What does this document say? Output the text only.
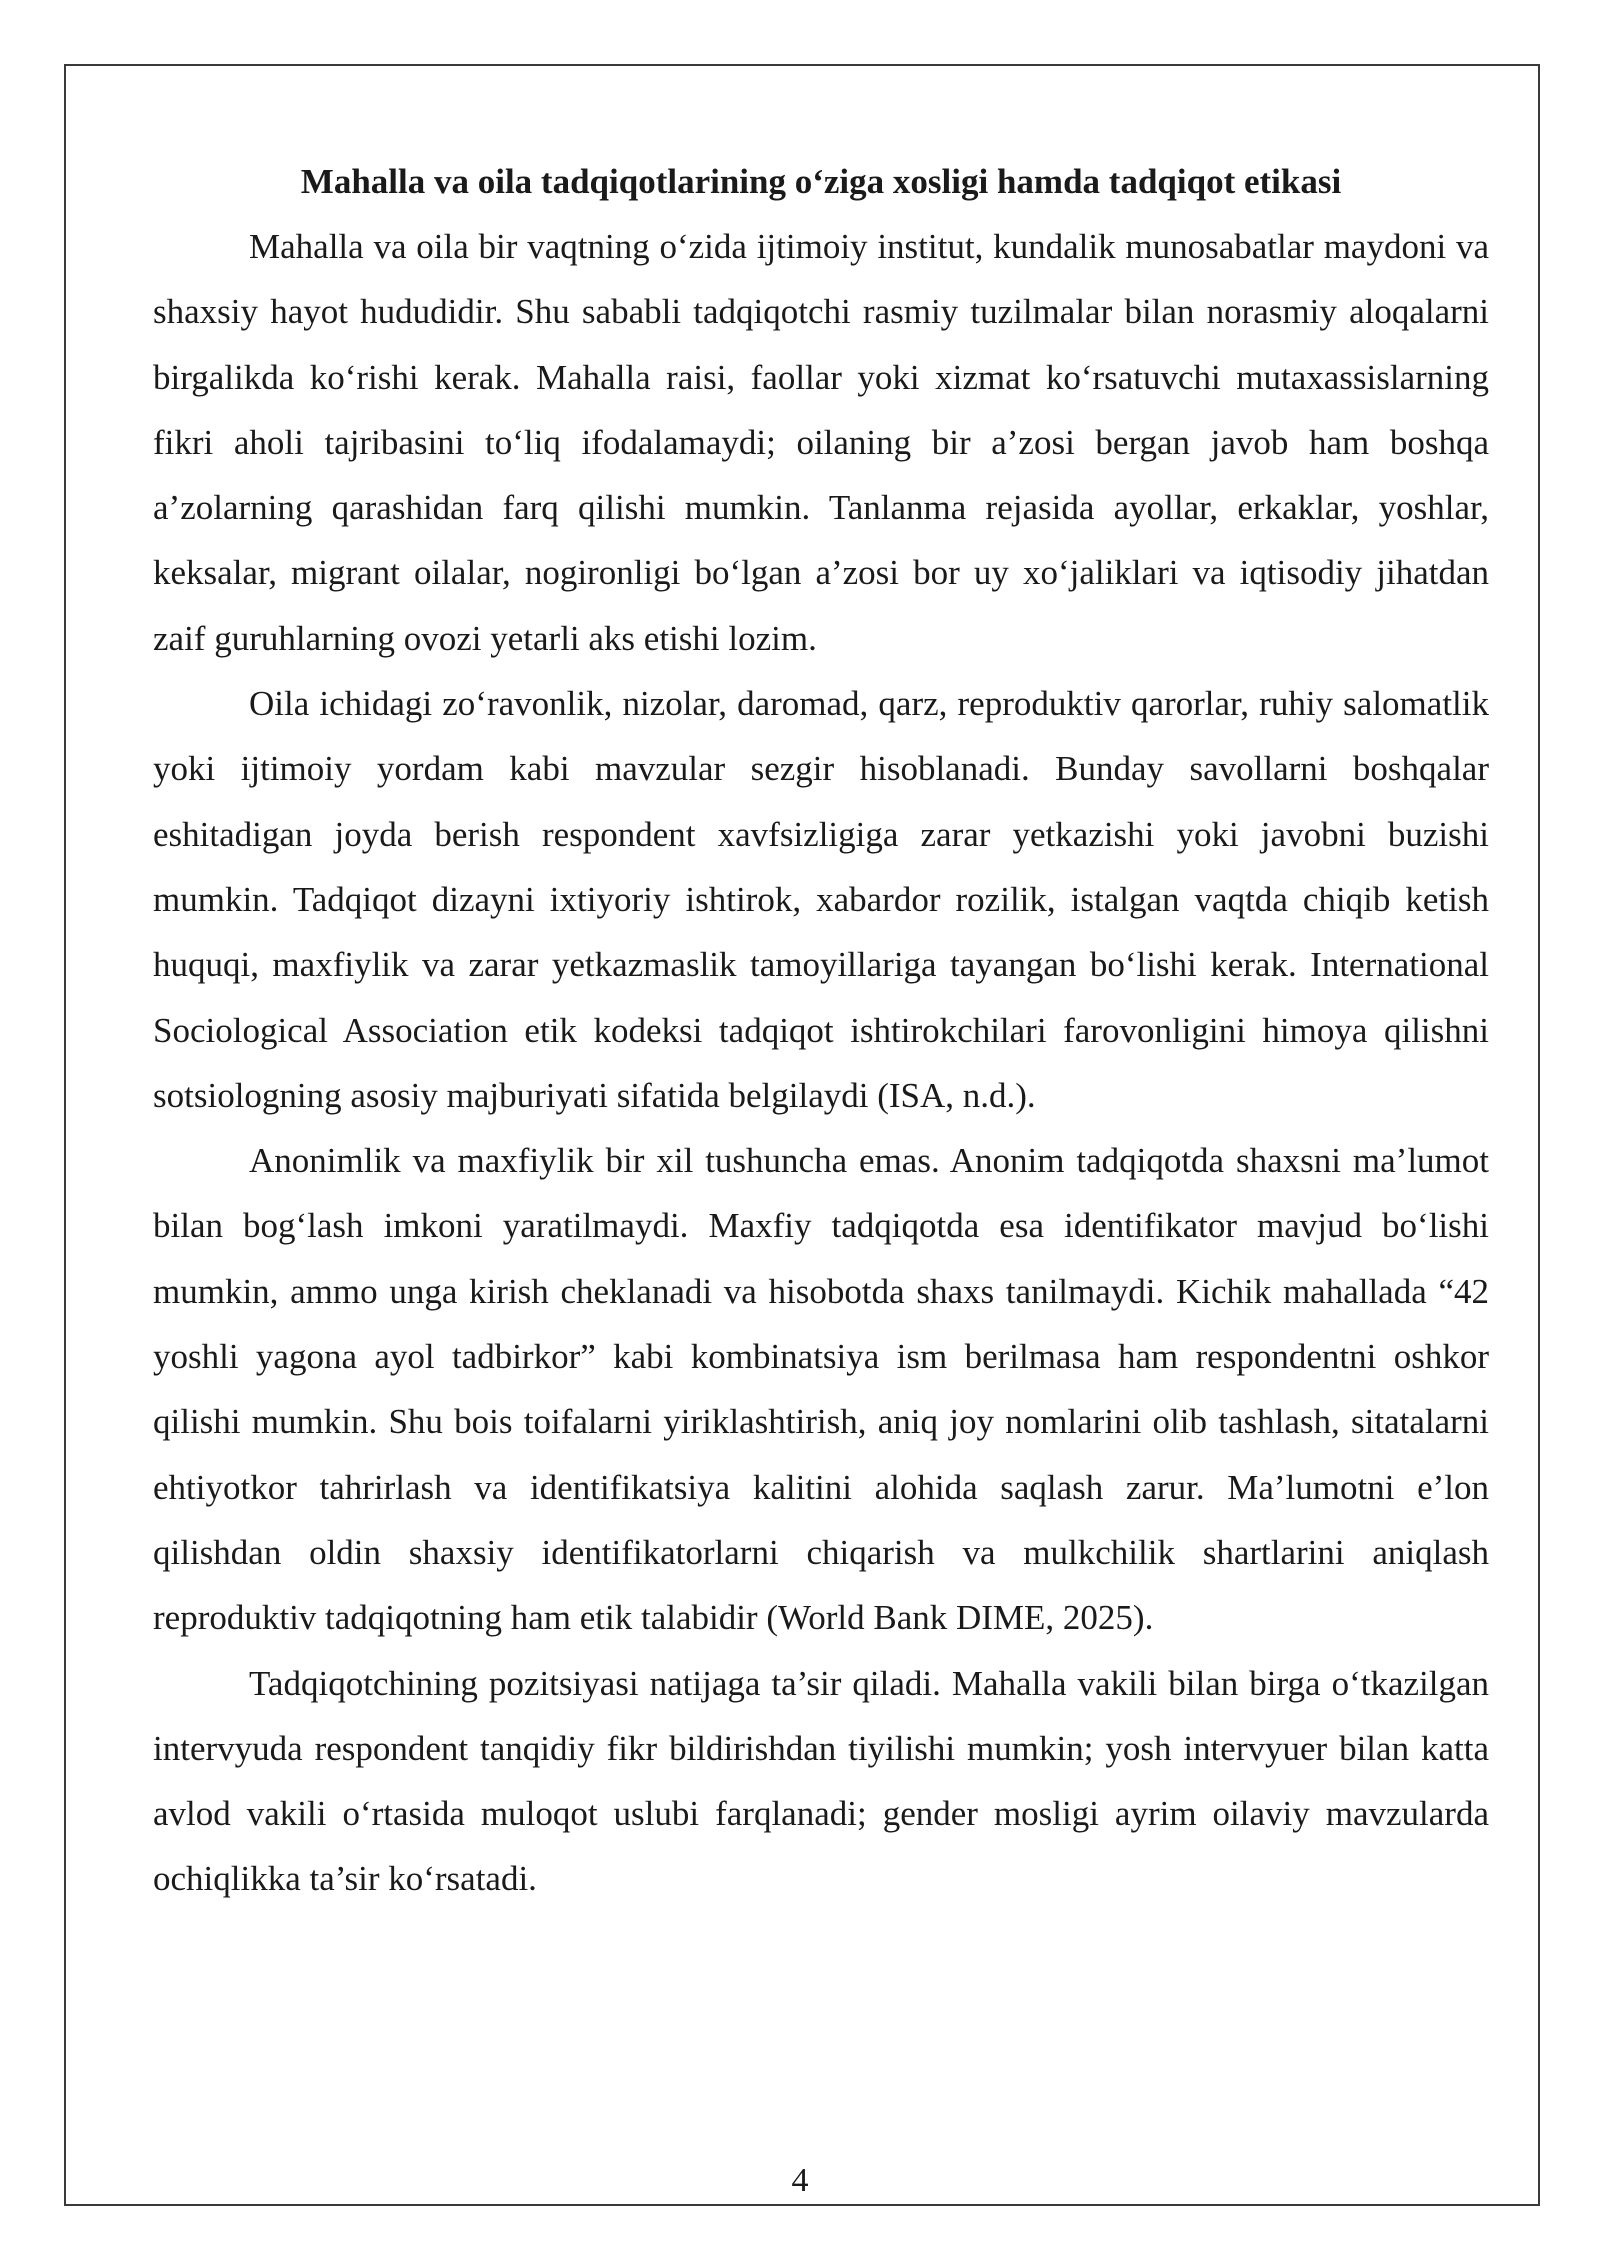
Mahalla va oila tadqiqotlarining o‘ziga xosligi hamda tadqiqot etikasi

Mahalla va oila bir vaqtning o‘zida ijtimoiy institut, kundalik munosabatlar maydoni va shaxsiy hayot hududidir. Shu sababli tadqiqotchi rasmiy tuzilmalar bilan norasmiy aloqalarni birgalikda ko‘rishi kerak. Mahalla raisi, faollar yoki xizmat ko‘rsatuvchi mutaxassislarning fikri aholi tajribasini to‘liq ifodalamaydi; oilaning bir a’zosi bergan javob ham boshqa a’zolarning qarashidan farq qilishi mumkin. Tanlanma rejasida ayollar, erkaklar, yoshlar, keksalar, migrant oilalar, nogironligi bo‘lgan a’zosi bor uy xo‘jaliklari va iqtisodiy jihatdan zaif guruhlarning ovozi yetarli aks etishi lozim.

Oila ichidagi zo‘ravonlik, nizolar, daromad, qarz, reproduktiv qarorlar, ruhiy salomatlik yoki ijtimoiy yordam kabi mavzular sezgir hisoblanadi. Bunday savollarni boshqalar eshitadigan joyda berish respondent xavfsizligiga zarar yetkazishi yoki javobni buzishi mumkin. Tadqiqot dizayni ixtiyoriy ishtirok, xabardor rozilik, istalgan vaqtda chiqib ketish huquqi, maxfiylik va zarar yetkazmaslik tamoyillariga tayangan bo‘lishi kerak. International Sociological Association etik kodeksi tadqiqot ishtirokchilari farovonligini himoya qilishni sotsiologning asosiy majburiyati sifatida belgilaydi (ISA, n.d.).

Anonimlik va maxfiylik bir xil tushuncha emas. Anonim tadqiqotda shaxsni ma’lumot bilan bog‘lash imkoni yaratilmaydi. Maxfiy tadqiqotda esa identifikator mavjud bo‘lishi mumkin, ammo unga kirish cheklanadi va hisobotda shaxs tanilmaydi. Kichik mahallada “42 yoshli yagona ayol tadbirkor” kabi kombinatsiya ism berilmasa ham respondentni oshkor qilishi mumkin. Shu bois toifalarni yiriklashtirish, aniq joy nomlarini olib tashlash, sitatalarni ehtiyotkor tahrirlash va identifikatsiya kalitini alohida saqlash zarur. Ma’lumotni e’lon qilishdan oldin shaxsiy identifikatorlarni chiqarish va mulkchilik shartlarini aniqlash reproduktiv tadqiqotning ham etik talabidir (World Bank DIME, 2025).

Tadqiqotchining pozitsiyasi natijaga ta’sir qiladi. Mahalla vakili bilan birga o‘tkazilgan intervyuda respondent tanqidiy fikr bildirishdan tiyilishi mumkin; yosh intervyuer bilan katta avlod vakili o‘rtasida muloqot uslubi farqlanadi; gender mosligi ayrim oilaviy mavzularda ochiqlikka ta’sir ko‘rsatadi.

4
